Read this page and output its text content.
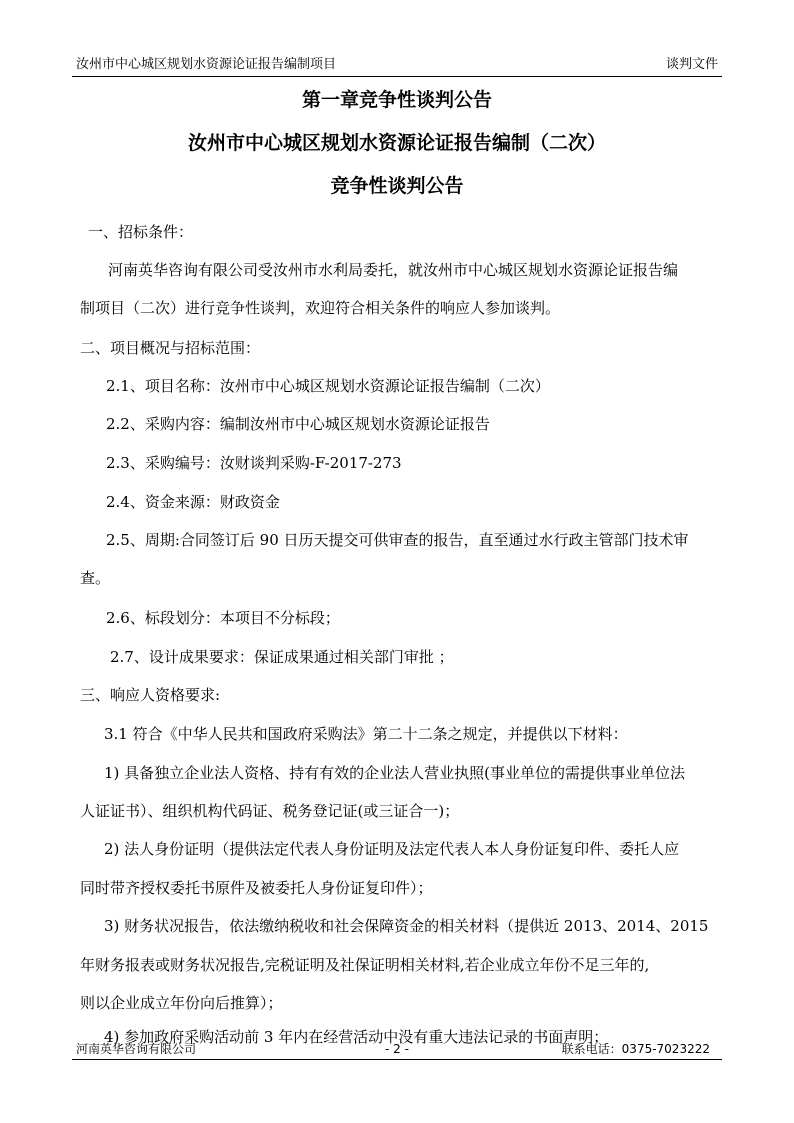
汝州市中心城区规划水资源论证报告编制项目	谈判文件
第一章竞争性谈判公告
汝州市中心城区规划水资源论证报告编制（二次）
竞争性谈判公告
一、招标条件：
河南英华咨询有限公司受汝州市水利局委托，就汝州市中心城区规划水资源论证报告编
制项目（二次）进行竞争性谈判，欢迎符合相关条件的响应人参加谈判。
二、项目概况与招标范围：
2.1、项目名称：汝州市中心城区规划水资源论证报告编制（二次）
2.2、采购内容：编制汝州市中心城区规划水资源论证报告
2.3、采购编号：汝财谈判采购-F-2017-273
2.4、资金来源：财政资金
2.5、周期:合同签订后 90 日历天提交可供审查的报告，直至通过水行政主管部门技术审
查。
2.6、标段划分：本项目不分标段；
2.7、设计成果要求：保证成果通过相关部门审批 ；
三、响应人资格要求:
3.1 符合《中华人民共和国政府采购法》第二十二条之规定，并提供以下材料：
1) 具备独立企业法人资格、持有有效的企业法人营业执照(事业单位的需提供事业单位法
人证证书）、组织机构代码证、税务登记证(或三证合一)；
2) 法人身份证明（提供法定代表人身份证明及法定代表人本人身份证复印件、委托人应
同时带齐授权委托书原件及被委托人身份证复印件）；
3) 财务状况报告，依法缴纳税收和社会保障资金的相关材料（提供近 2013、2014、2015
年财务报表或财务状况报告,完税证明及社保证明相关材料,若企业成立年份不足三年的,
则以企业成立年份向后推算）；
4) 参加政府采购活动前 3 年内在经营活动中没有重大违法记录的书面声明；
河南英华咨询有限公司	- 2 -	联系电话：0375-7023222
